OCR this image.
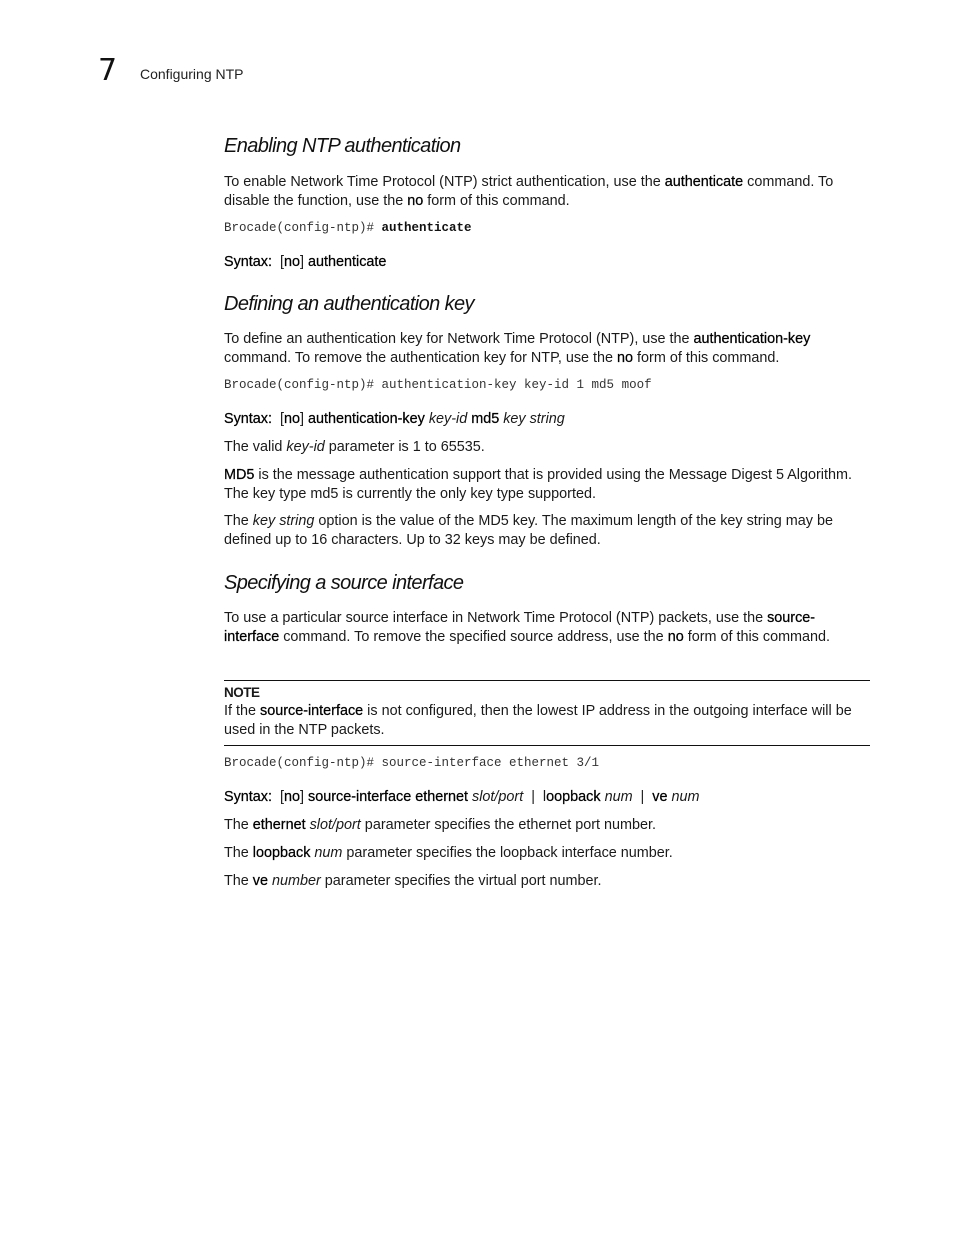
7 Configuring NTP
Enabling NTP authentication
To enable Network Time Protocol (NTP) strict authentication, use the authenticate command. To disable the function, use the no form of this command.
Brocade(config-ntp)# authenticate
Syntax:  [no] authenticate
Defining an authentication key
To define an authentication key for Network Time Protocol (NTP), use the authentication-key command. To remove the authentication key for NTP, use the no form of this command.
Brocade(config-ntp)# authentication-key key-id 1 md5 moof
Syntax:  [no] authentication-key key-id md5 key string
The valid key-id parameter is 1 to 65535.
MD5 is the message authentication support that is provided using the Message Digest 5 Algorithm. The key type md5 is currently the only key type supported.
The key string option is the value of the MD5 key. The maximum length of the key string may be defined up to 16 characters. Up to 32 keys may be defined.
Specifying a source interface
To use a particular source interface in Network Time Protocol (NTP) packets, use the source-interface command. To remove the specified source address, use the no form of this command.
NOTE
If the source-interface is not configured, then the lowest IP address in the outgoing interface will be used in the NTP packets.
Brocade(config-ntp)# source-interface ethernet 3/1
Syntax:  [no] source-interface ethernet slot/port  |  loopback num  |  ve num
The ethernet slot/port parameter specifies the ethernet port number.
The loopback num parameter specifies the loopback interface number.
The ve number parameter specifies the virtual port number.
